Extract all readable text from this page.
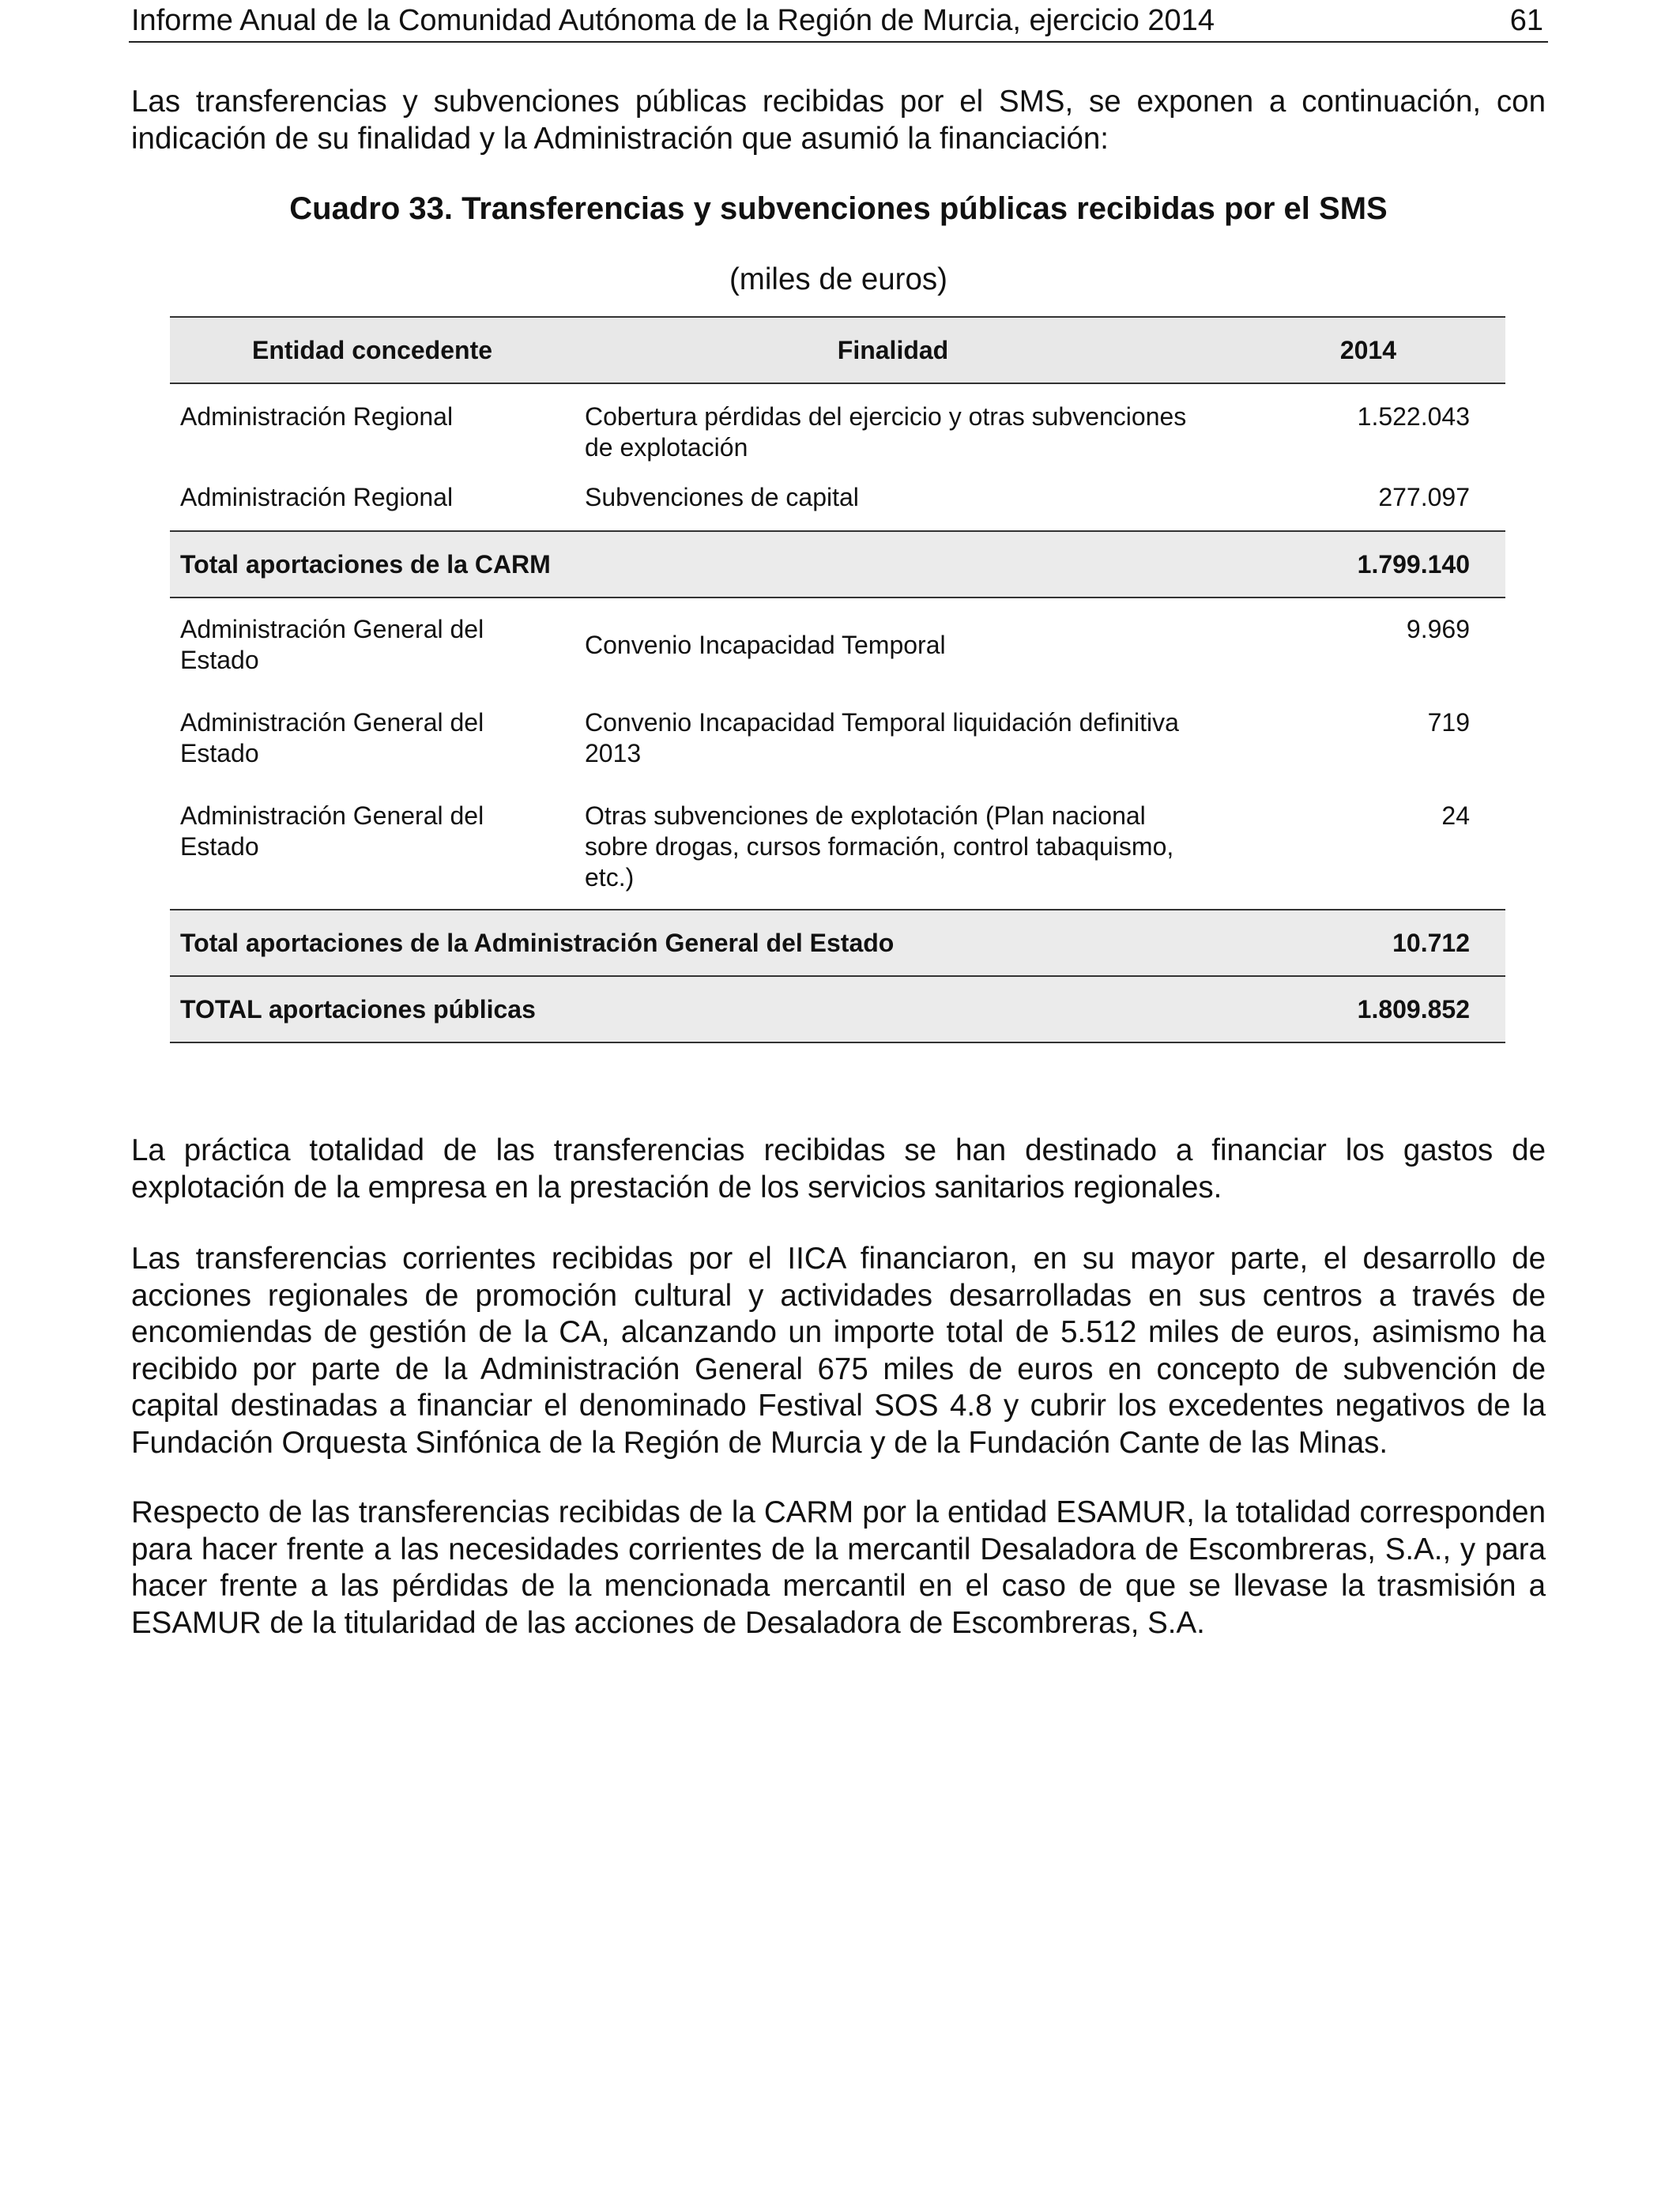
Informe Anual de la Comunidad Autónoma de la Región de Murcia, ejercicio 2014	61

Las transferencias y subvenciones públicas recibidas por el SMS, se exponen a continuación, con indicación de su finalidad y la Administración que asumió la financiación:

Cuadro 33. Transferencias y subvenciones públicas recibidas por el SMS
(miles de euros)
Entidad concedente	Finalidad	2014
Administración Regional	Cobertura pérdidas del ejercicio y otras subvenciones de explotación	1.522.043
Administración Regional	Subvenciones de capital	277.097
Total aportaciones de la CARM		1.799.140
Administración General del Estado	Convenio Incapacidad Temporal	9.969
Administración General del Estado	Convenio Incapacidad Temporal liquidación definitiva 2013	719
Administración General del Estado	Otras subvenciones de explotación (Plan nacional sobre drogas, cursos formación, control tabaquismo, etc.)	24
Total aportaciones de la Administración General del Estado		10.712
TOTAL aportaciones públicas		1.809.852

La práctica totalidad de las transferencias recibidas se han destinado a financiar los gastos de explotación de la empresa en la prestación de los servicios sanitarios regionales.

Las transferencias corrientes recibidas por el IICA financiaron, en su mayor parte, el desarrollo de acciones regionales de promoción cultural y actividades desarrolladas en sus centros a través de encomiendas de gestión de la CA, alcanzando un importe total de 5.512 miles de euros, asimismo ha recibido por parte de la Administración General 675 miles de euros en concepto de subvención de capital destinadas a financiar el denominado Festival SOS 4.8 y cubrir los excedentes negativos de la Fundación Orquesta Sinfónica de la Región de Murcia y de la Fundación Cante de las Minas.

Respecto de las transferencias recibidas de la CARM por la entidad ESAMUR, la totalidad corresponden para hacer frente a las necesidades corrientes de la mercantil Desaladora de Escombreras, S.A., y para hacer frente a las pérdidas de la mencionada mercantil en el caso de que se llevase la trasmisión a ESAMUR de la titularidad de las acciones de Desaladora de Escombreras, S.A.
